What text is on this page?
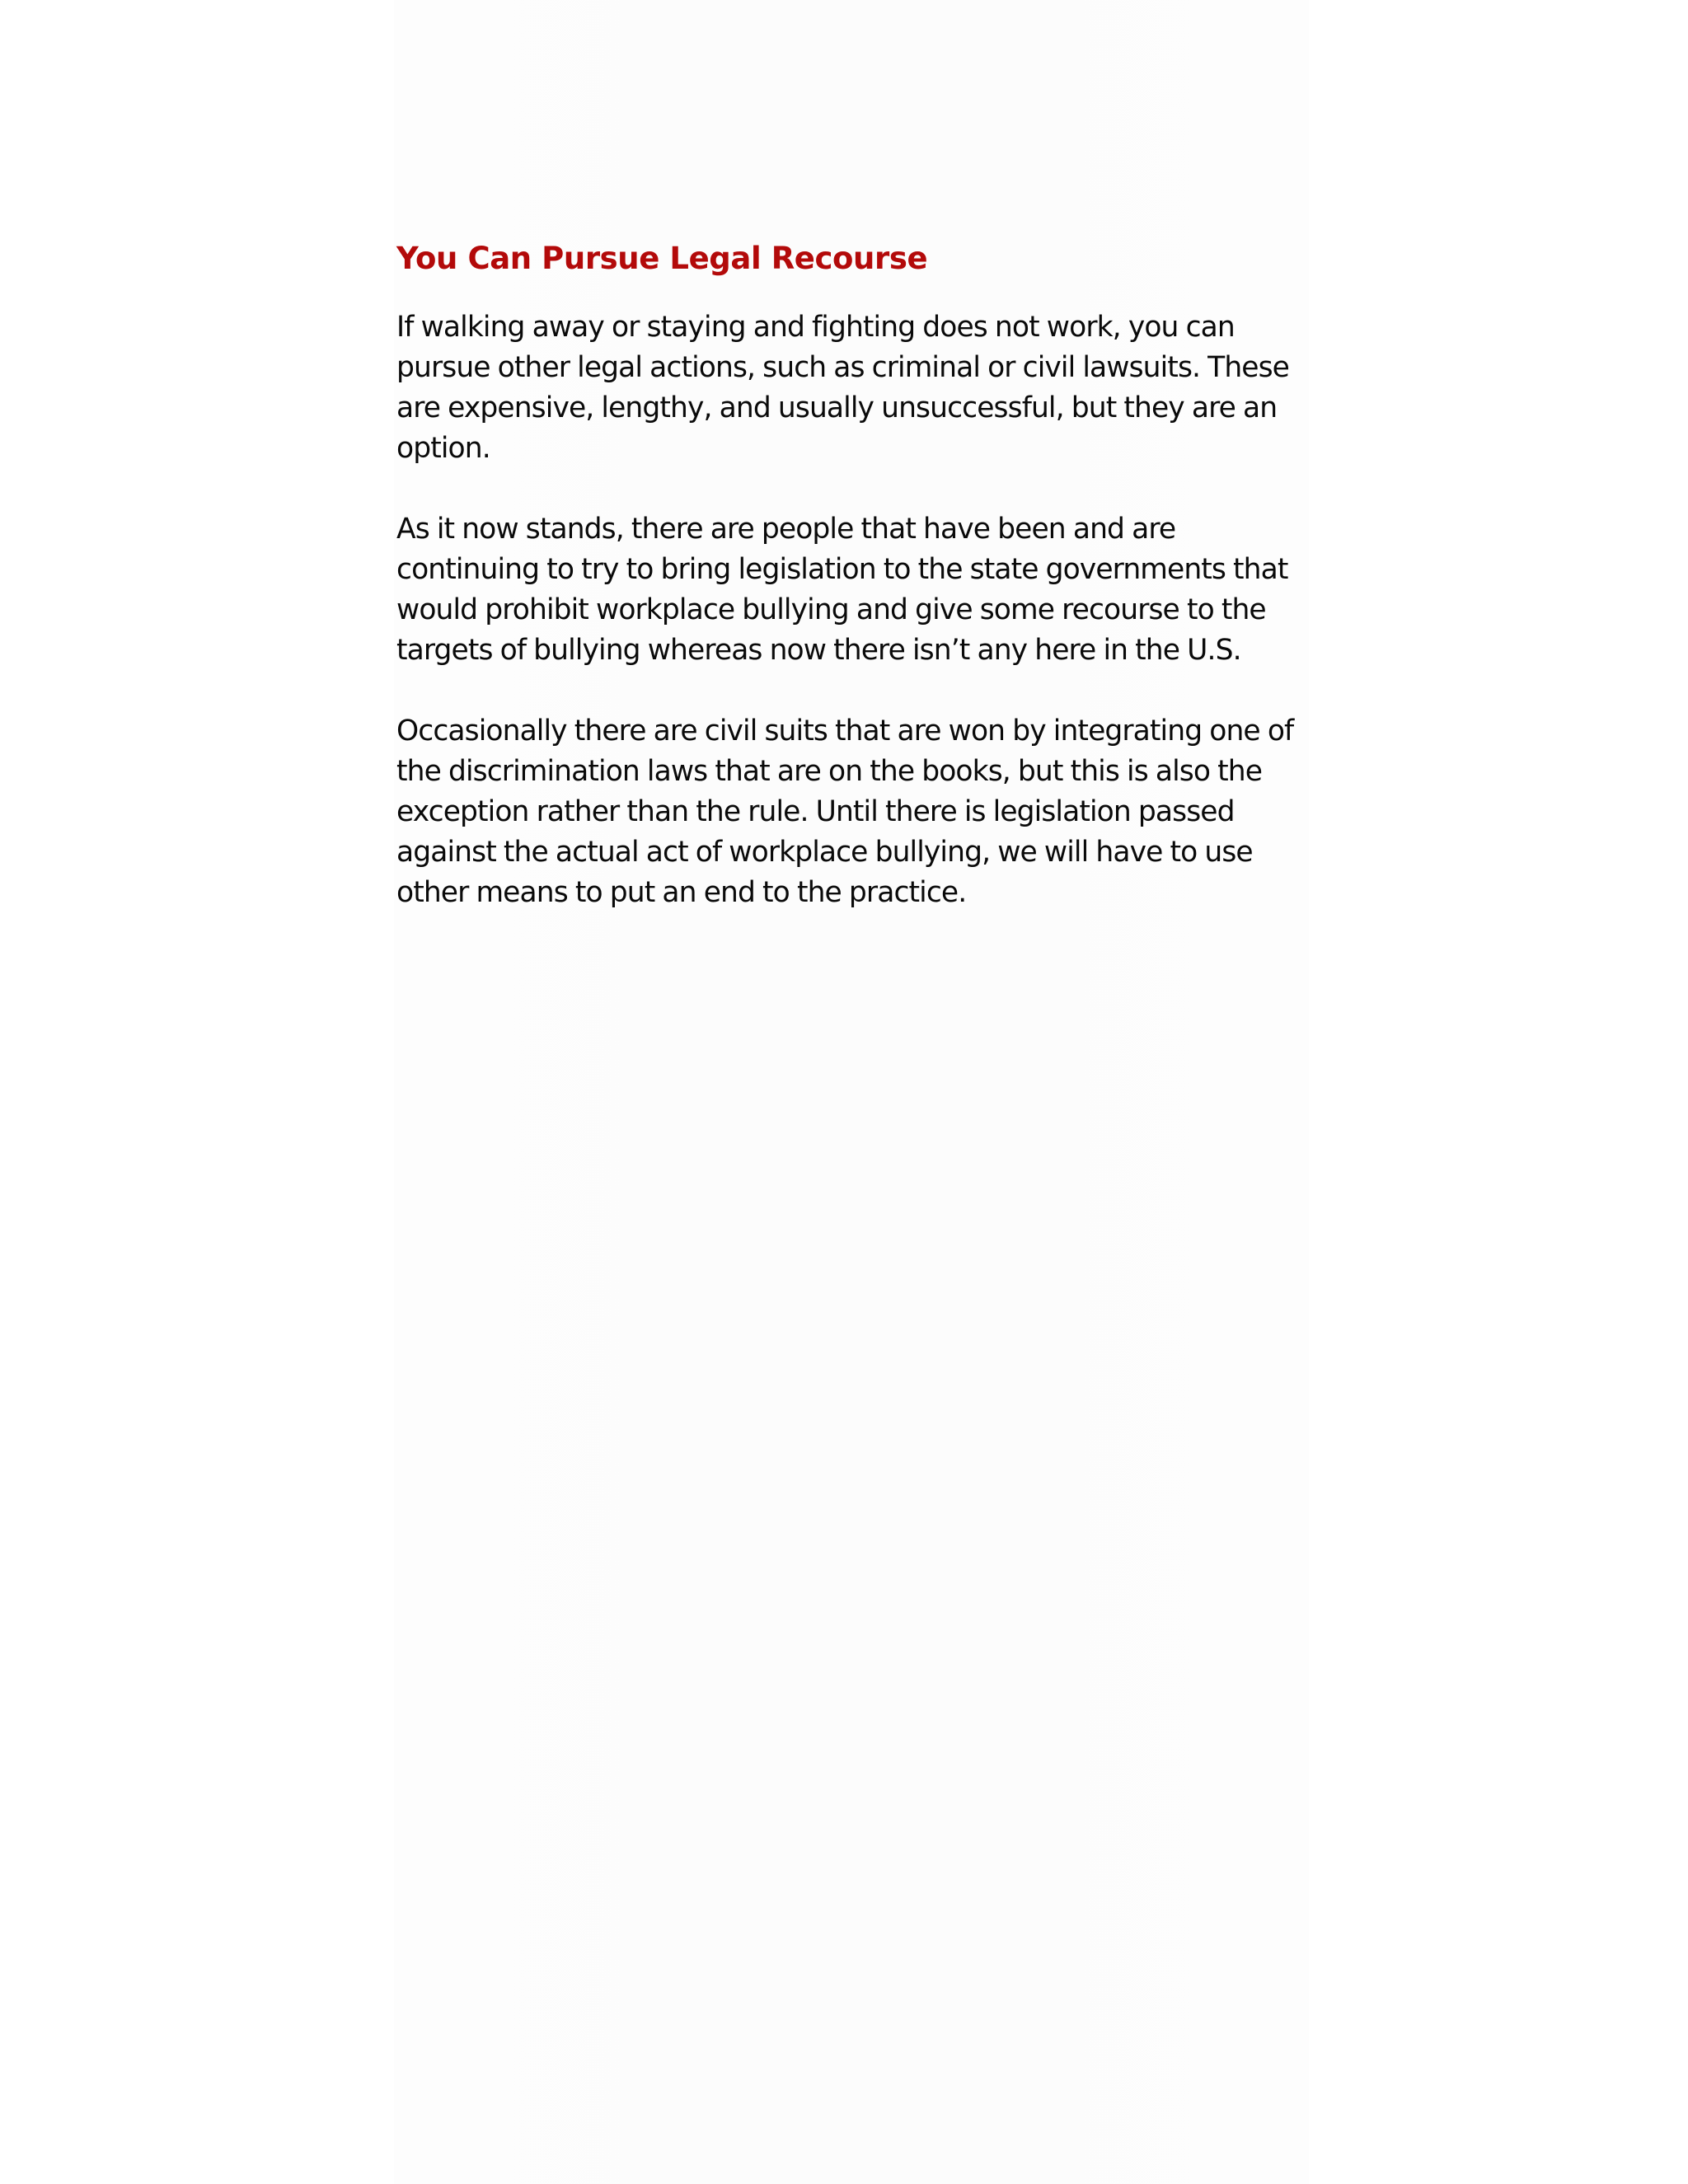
You Can Pursue Legal Recourse

If walking away or staying and fighting does not work, you can pursue other legal actions, such as criminal or civil lawsuits. These are expensive, lengthy, and usually unsuccessful, but they are an option.

As it now stands, there are people that have been and are continuing to try to bring legislation to the state governments that would prohibit workplace bullying and give some recourse to the targets of bullying whereas now there isn’t any here in the U.S.

Occasionally there are civil suits that are won by integrating one of the discrimination laws that are on the books, but this is also the exception rather than the rule. Until there is legislation passed against the actual act of workplace bullying, we will have to use other means to put an end to the practice.
